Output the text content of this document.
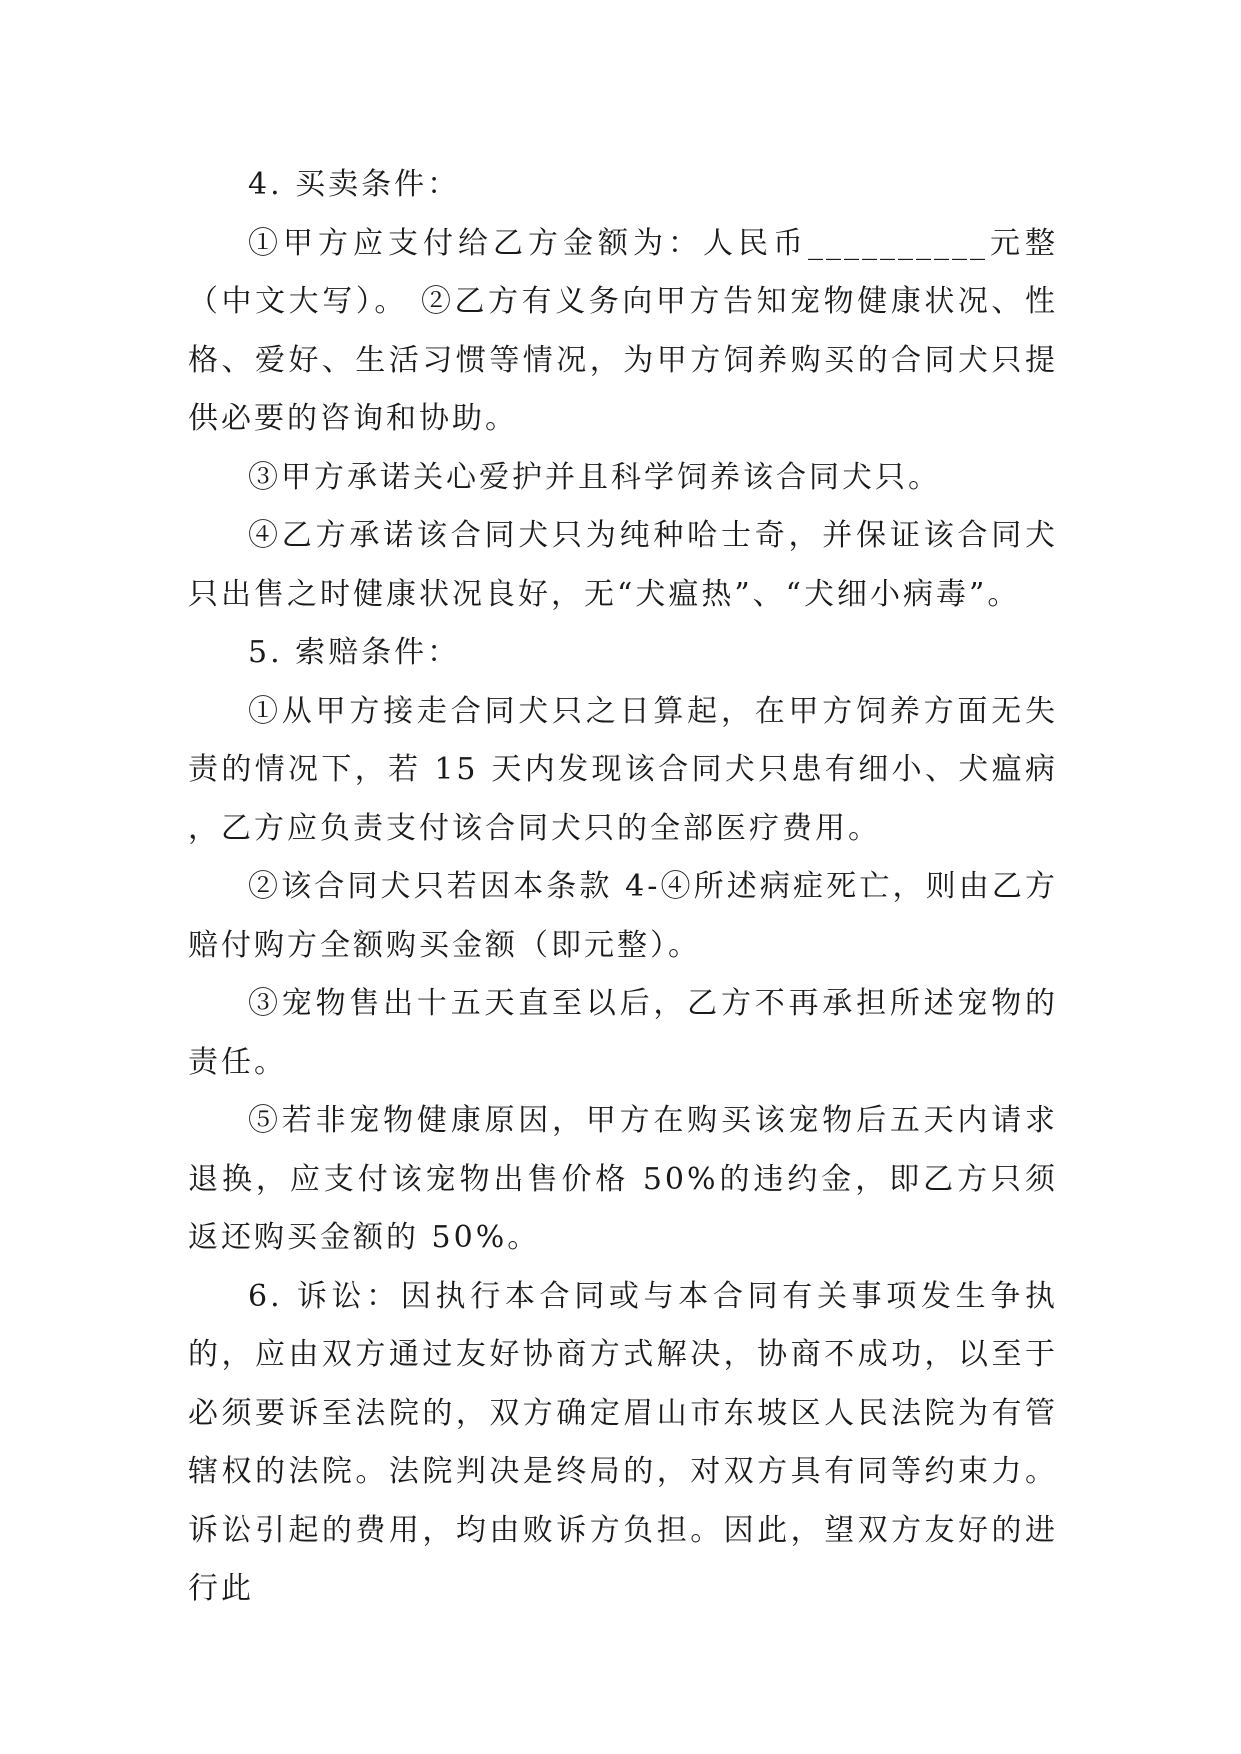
4. 买卖条件：

①甲方应支付给乙方金额为：人民币__________元整（中文大写）。 ②乙方有义务向甲方告知宠物健康状况、性格、爱好、生活习惯等情况，为甲方饲养购买的合同犬只提供必要的咨询和协助。

③甲方承诺关心爱护并且科学饲养该合同犬只。

④乙方承诺该合同犬只为纯种哈士奇，并保证该合同犬只出售之时健康状况良好，无“犬瘟热”、“犬细小病毒”。

5. 索赔条件：

①从甲方接走合同犬只之日算起，在甲方饲养方面无失责的情况下，若 15 天内发现该合同犬只患有细小、犬瘟病 ，乙方应负责支付该合同犬只的全部医疗费用。

②该合同犬只若因本条款 4-④所述病症死亡，则由乙方赔付购方全额购买金额（即元整）。

③宠物售出十五天直至以后，乙方不再承担所述宠物的责任。

⑤若非宠物健康原因，甲方在购买该宠物后五天内请求退换，应支付该宠物出售价格 50%的违约金，即乙方只须返还购买金额的 50%。

6. 诉讼：因执行本合同或与本合同有关事项发生争执的，应由双方通过友好协商方式解决，协商不成功，以至于必须要诉至法院的，双方确定眉山市东坡区人民法院为有管辖权的法院。法院判决是终局的，对双方具有同等约束力。诉讼引起的费用，均由败诉方负担。因此，望双方友好的进行此
